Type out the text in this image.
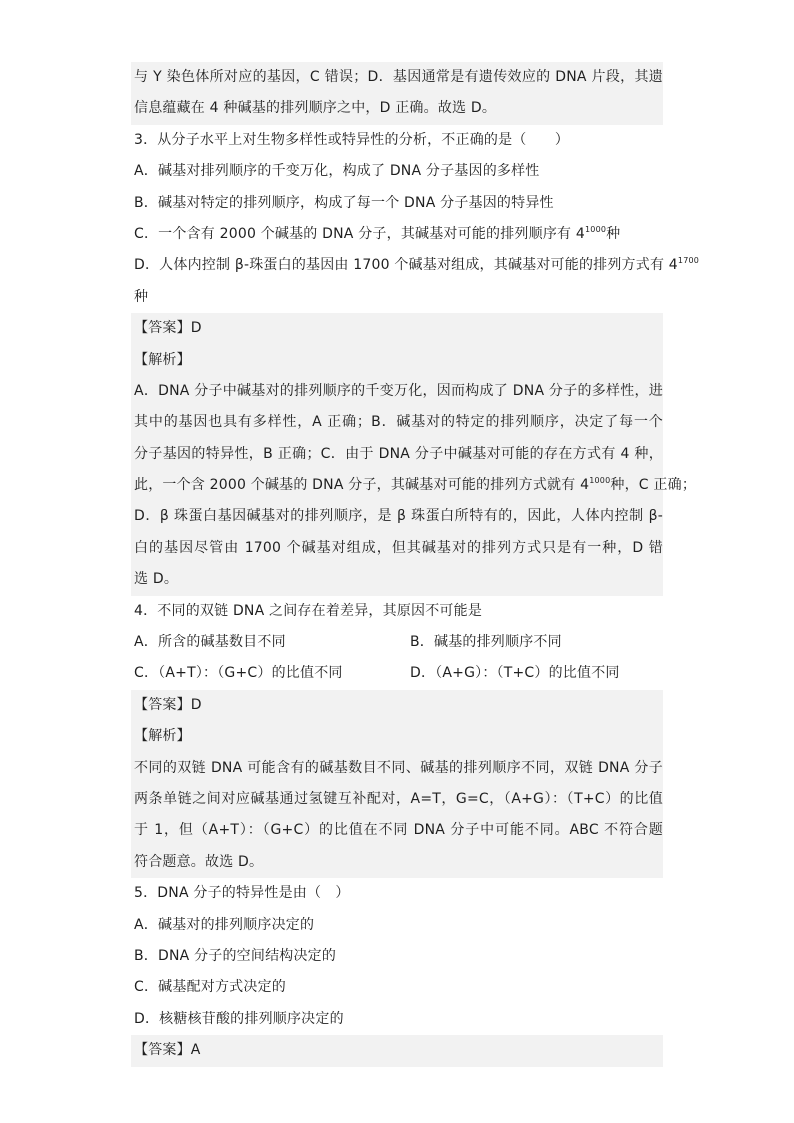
与 Y 染色体所对应的基因，C 错误；D．基因通常是有遗传效应的 DNA 片段，其遗
信息蕴藏在 4 种碱基的排列顺序之中，D 正确。故选 D。
3．从分子水平上对生物多样性或特异性的分析，不正确的是（　　）
A．碱基对排列顺序的千变万化，构成了 DNA 分子基因的多样性
B．碱基对特定的排列顺序，构成了每一个 DNA 分子基因的特异性
C．一个含有 2000 个碱基的 DNA 分子，其碱基对可能的排列顺序有 $4^{1000}$种
D．人体内控制 β-珠蛋白的基因由 1700 个碱基对组成，其碱基对可能的排列方式有 $4^{1700}$
种
【答案】D
【解析】
A．DNA 分子中碱基对的排列顺序的千变万化，因而构成了 DNA 分子的多样性，进
其中的基因也具有多样性，A 正确；B．碱基对的特定的排列顺序，决定了每一个
分子基因的特异性，B 正确；C．由于 DNA 分子中碱基对可能的存在方式有 4 种，
此，一个含 2000 个碱基的 DNA 分子，其碱基对可能的排列方式就有 $4^{1000}$种，C 正确；
D．β 珠蛋白基因碱基对的排列顺序，是 β 珠蛋白所特有的，因此，人体内控制 β-
白的基因尽管由 1700 个碱基对组成，但其碱基对的排列方式只是有一种，D 错
选 D。
4．不同的双链 DNA 之间存在着差异，其原因不可能是
A．所含的碱基数目不同	B．碱基的排列顺序不同
C．（A+T）：（G+C）的比值不同	D．（A+G）：（T+C）的比值不同
【答案】D
【解析】
不同的双链 DNA 可能含有的碱基数目不同、碱基的排列顺序不同，双链 DNA 分子
两条单链之间对应碱基通过氢键互补配对，A=T，G=C，（A+G）：（T+C）的比值
于 1，但（A+T）：（G+C）的比值在不同 DNA 分子中可能不同。ABC 不符合题
符合题意。故选 D。
5．DNA 分子的特异性是由（　）
A．碱基对的排列顺序决定的
B．DNA 分子的空间结构决定的
C．碱基配对方式决定的
D．核糖核苷酸的排列顺序决定的
【答案】A
